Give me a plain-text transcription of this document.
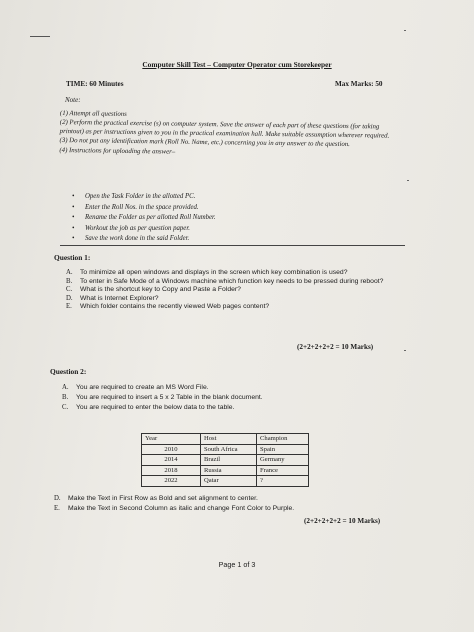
Computer Skill Test – Computer Operator cum Storekeeper
TIME: 60 Minutes	Max Marks: 50
Note:

(1) Attempt all questions

(2) Perform the practical exercise (s) on computer system. Save the answer of each part of these questions (for taking printout) as per instructions given to you in the practical examination hall. Make suitable assumption wherever required.

(3) Do not put any identification mark (Roll No. Name, etc.) concerning you in any answer to the question.

(4) Instructions for uploading the answer–

•	Open the Task Folder in the allotted PC.
•	Enter the Roll Nos. in the space provided.
•	Rename the Folder as per allotted Roll Number.
•	Workout the job as per question paper.
•	Save the work done in the said Folder.
Question 1:
A.	To minimize all open windows and displays in the screen which key combination is used?
B.	To enter in Safe Mode of a Windows machine which function key needs to be pressed during reboot?
C.	What is the shortcut key to Copy and Paste a Folder?
D.	What is Internet Explorer?
E.	Which folder contains the recently viewed Web pages content?
(2+2+2+2+2 = 10 Marks)
Question 2:
A.	You are required to create an MS Word File.
B.	You are required to insert a 5 x 2 Table in the blank document.
C.	You are required to enter the below data to the table.
Year	Host	Champion
2010	South Africa	Spain
2014	Brazil	Germany
2018	Russia	France
2022	Qatar	?
D.	Make the Text in First Row as Bold and set alignment to center.
E.	Make the Text in Second Column as italic and change Font Color to Purple.
(2+2+2+2+2 = 10 Marks)
Page 1 of 3
